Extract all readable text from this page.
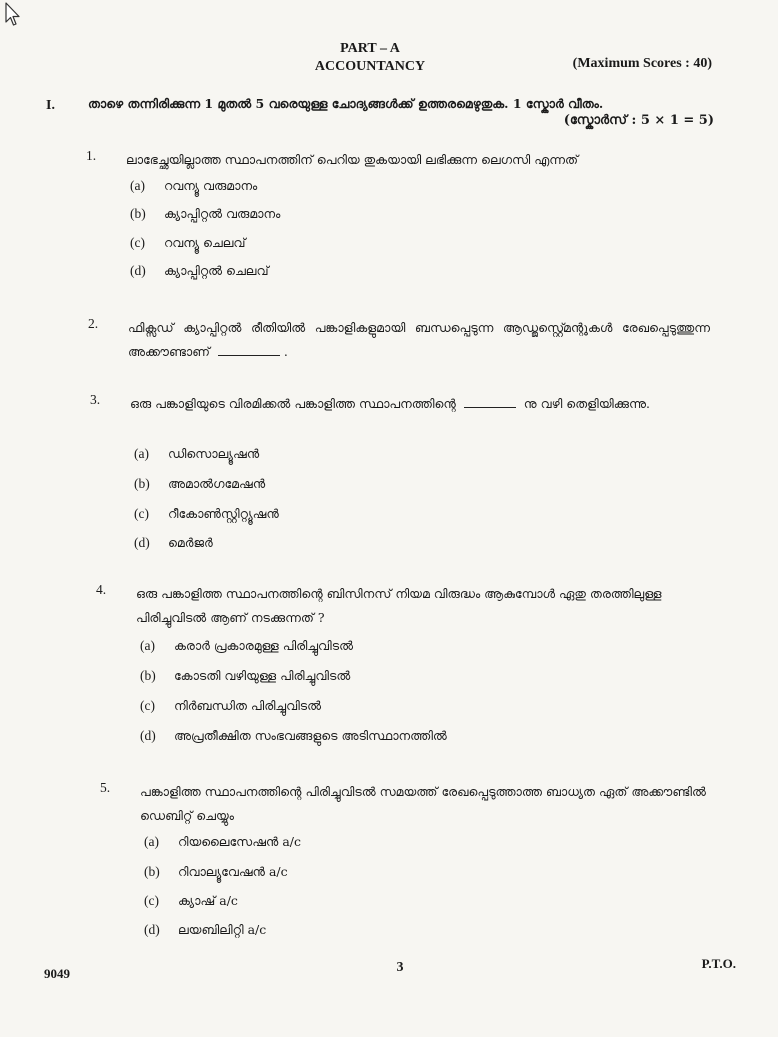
PART – A
ACCOUNTANCY	(Maximum Scores : 40)
I.	താഴെ തന്നിരിക്കുന്ന 1 മുതൽ 5 വരെയുള്ള ചോദ്യങ്ങൾക്ക് ഉത്തരമെഴുതുക. 1 സ്കോർ വീതം.
(സ്കോർസ് : 5 × 1 = 5)
1.	ലാഭേച്ഛയില്ലാത്ത സ്ഥാപനത്തിന് പെറിയ തുകയായി ലഭിക്കുന്ന ലെഗസി എന്നത്
(a) റവന്യൂ വരുമാനം
(b) ക്യാപ്പിറ്റൽ വരുമാനം
(c) റവന്യൂ ചെലവ്
(d) ക്യാപ്പിറ്റൽ ചെലവ്
2.	ഫിക്സഡ് ക്യാപ്പിറ്റൽ രീതിയിൽ പങ്കാളികളുമായി ബന്ധപ്പെടുന്ന ആഡ്ജസ്റ്റ്മെന്റുകൾ രേഖപ്പെടുത്തുന്ന അക്കൗണ്ടാണ്	.
3.	ഒരു പങ്കാളിയുടെ വിരമിക്കൽ പങ്കാളിത്ത സ്ഥാപനത്തിന്റെ	നു വഴി തെളിയിക്കുന്നു.
(a) ഡിസൊല്യൂഷൻ
(b) അമാൽഗമേഷൻ
(c) റീകോൺസ്റ്റിറ്റ്യൂഷൻ
(d) മെർജർ
4.	ഒരു പങ്കാളിത്ത സ്ഥാപനത്തിന്റെ ബിസിനസ് നിയമ വിരുദ്ധം ആകുമ്പോൾ ഏതു തരത്തിലുള്ള പിരിച്ചുവിടൽ ആണ് നടക്കുന്നത് ?
(a) കരാർ പ്രകാരമുള്ള പിരിച്ചുവിടൽ
(b) കോടതി വഴിയുള്ള പിരിച്ചുവിടൽ
(c) നിർബന്ധിത പിരിച്ചുവിടൽ
(d) അപ്രതീക്ഷിത സംഭവങ്ങളുടെ അടിസ്ഥാനത്തിൽ
5.	പങ്കാളിത്ത സ്ഥാപനത്തിന്റെ പിരിച്ചുവിടൽ സമയത്ത് രേഖപ്പെടുത്താത്ത ബാധ്യത ഏത് അക്കൗണ്ടിൽ ഡെബിറ്റ് ചെയ്യും
(a) റിയലൈസേഷൻ a/c
(b) റിവാല്യൂവേഷൻ a/c
(c) ക്യാഷ് a/c
(d) ലയബിലിറ്റി a/c
9049	3	P.T.O.
